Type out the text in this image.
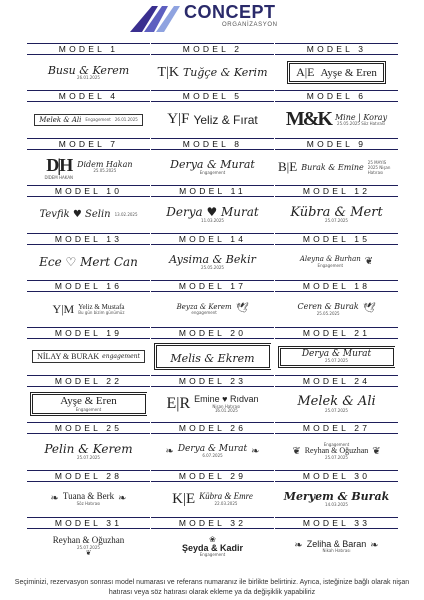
CONCEPT
ORGANİZASYON
MODEL 1
Busu & Kerem
26.01.2025
MODEL 2
T|K Tuğçe & Kerim
MODEL 3
A|E Ayşe & Eren
MODEL 4
Melek & Ali Engagement 26.01.2025
MODEL 5
Y|F Yeliz & Fırat
MODEL 6
M&K Mine | Koray
25.05.2025 Söz Hatırası
MODEL 7
D|H
DİDEM HAKAN
Didem Hakan
25.05.2025
MODEL 8
Derya & Murat
Engagement
MODEL 9
B|E Burak & Emine
25 MAYIS 2025 Nişan Hatırası
MODEL 10
Tevfik ♥ Selin 13.02.2025
MODEL 11
Derya ♥ Murat
11.03.2025
MODEL 12
Kübra & Mert
25.07.2025
MODEL 13
Ece ♡ Mert Can
MODEL 14
Aysima & Bekir
25.05.2025
MODEL 15
Aleyna & Burhan
Engagement ❦
MODEL 16
Y|M Yeliz & Mustafa
Bu gün bizim günümüz
MODEL 17
Beyza & Kerem
engagement 🕊
MODEL 18
Ceren & Burak
25.05.2025 🕊
MODEL 19
NİLAY & BURAK engagement
MODEL 20
Melis & Ekrem
MODEL 21
Derya & Murat
25.07.2025
MODEL 22
Ayşe & Eren
Engagement
MODEL 23
E|R Emine ♥ Rıdvan
Nişan Hatırası
16.01.2025
MODEL 24
Melek & Ali
25.07.2025
MODEL 25
Pelin & Kerem
25.07.2025
MODEL 26
❧ Derya & Murat
6.07.2025	❧
MODEL 27
❦
Engagement
Reyhan & Oğuzhan
25.07.2025
❦
MODEL 28
❧ Tuana & Berk
Söz Hatırası ❧
MODEL 29
K|E Kübra & Emre
22.03.2025
MODEL 30
Meryem & Burak
14.03.2025
MODEL 31
Reyhan & Oğuzhan
25.07.2025
❦
MODEL 32
❀
Şeyda & Kadir
Engagement
MODEL 33
❧ Zeliha & Baran
Nikah Hatırası ❧
Seçiminizi, rezervasyon sonrası model numarası ve referans numaranız ile birlikte belirtiniz. Ayrıca, isteğinize bağlı olarak nişan hatırası veya söz hatırası olarak ekleme ya da değişiklik yapabiliriz
